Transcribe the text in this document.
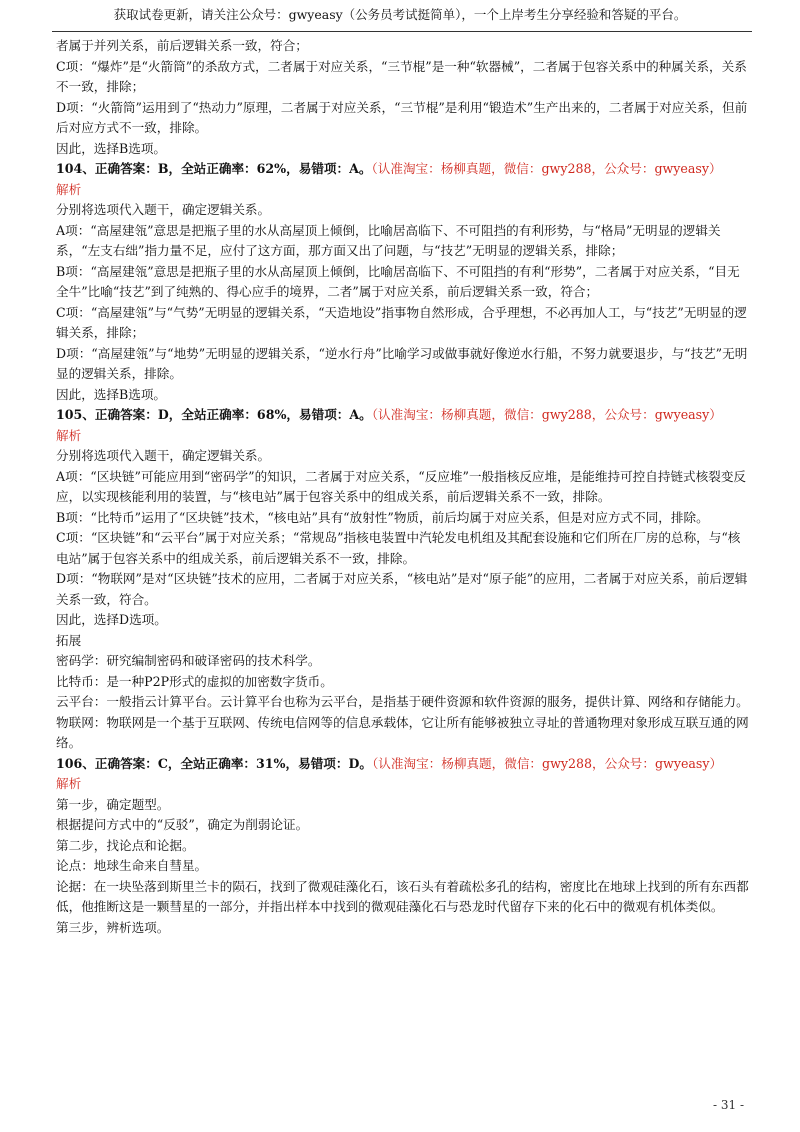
获取试卷更新，请关注公众号：gwyeasy（公务员考试挺简单），一个上岸考生分享经验和答疑的平台。

者属于并列关系，前后逻辑关系一致，符合；

C项：“爆炸”是“火箭筒”的杀敌方式，二者属于对应关系，“三节棍”是一种“软器械”，二者属于包容关系中的种属关系，关系不一致，排除；

D项：“火箭筒”运用到了“热动力”原理，二者属于对应关系，“三节棍”是利用“锻造术”生产出来的，二者属于对应关系，但前后对应方式不一致，排除。

因此，选择B选项。

104、正确答案：B，全站正确率：62%，易错项：A。（认准淘宝：杨柳真题，微信：gwy288，公众号：gwyeasy）

解析

分别将选项代入题干，确定逻辑关系。

A项：“高屋建瓴”意思是把瓶子里的水从高屋顶上倾倒，比喻居高临下、不可阻挡的有利形势，与“格局”无明显的逻辑关系，“左支右绌”指力量不足，应付了这方面，那方面又出了问题，与“技艺”无明显的逻辑关系，排除；

B项：“高屋建瓴”意思是把瓶子里的水从高屋顶上倾倒，比喻居高临下、不可阻挡的有利“形势”，二者属于对应关系，“目无全牛”比喻“技艺”到了纯熟的、得心应手的境界，二者”属于对应关系，前后逻辑关系一致，符合；

C项：“高屋建瓴”与“气势”无明显的逻辑关系，“天造地设”指事物自然形成，合乎理想，不必再加人工，与“技艺”无明显的逻辑关系，排除；

D项：“高屋建瓴”与“地势”无明显的逻辑关系，“逆水行舟”比喻学习或做事就好像逆水行船，不努力就要退步，与“技艺”无明显的逻辑关系，排除。

因此，选择B选项。

105、正确答案：D，全站正确率：68%，易错项：A。（认准淘宝：杨柳真题，微信：gwy288，公众号：gwyeasy）

解析

分别将选项代入题干，确定逻辑关系。

A项：“区块链”可能应用到“密码学”的知识，二者属于对应关系，“反应堆”一般指核反应堆，是能维持可控自持链式核裂变反应，以实现核能利用的装置，与“核电站”属于包容关系中的组成关系，前后逻辑关系不一致，排除。

B项：“比特币”运用了“区块链”技术，“核电站”具有“放射性”物质，前后均属于对应关系，但是对应方式不同，排除。

C项：“区块链”和“云平台”属于对应关系；“常规岛”指核电装置中汽轮发电机组及其配套设施和它们所在厂房的总称，与“核电站”属于包容关系中的组成关系，前后逻辑关系不一致，排除。

D项：“物联网”是对“区块链”技术的应用，二者属于对应关系，“核电站”是对“原子能”的应用，二者属于对应关系，前后逻辑关系一致，符合。

因此，选择D选项。

拓展

密码学：研究编制密码和破译密码的技术科学。

比特币：是一种P2P形式的虚拟的加密数字货币。

云平台：一般指云计算平台。云计算平台也称为云平台，是指基于硬件资源和软件资源的服务，提供计算、网络和存储能力。

物联网：物联网是一个基于互联网、传统电信网等的信息承载体，它让所有能够被独立寻址的普通物理对象形成互联互通的网络。

106、正确答案：C，全站正确率：31%，易错项：D。（认准淘宝：杨柳真题，微信：gwy288，公众号：gwyeasy）

解析

第一步，确定题型。

根据提问方式中的“反驳”，确定为削弱论证。

第二步，找论点和论据。

论点：地球生命来自彗星。

论据：在一块坠落到斯里兰卡的陨石，找到了微观硅藻化石，该石头有着疏松多孔的结构，密度比在地球上找到的所有东西都低，他推断这是一颗彗星的一部分，并指出样本中找到的微观硅藻化石与恐龙时代留存下来的化石中的微观有机体类似。

第三步，辨析选项。

- 31 -
